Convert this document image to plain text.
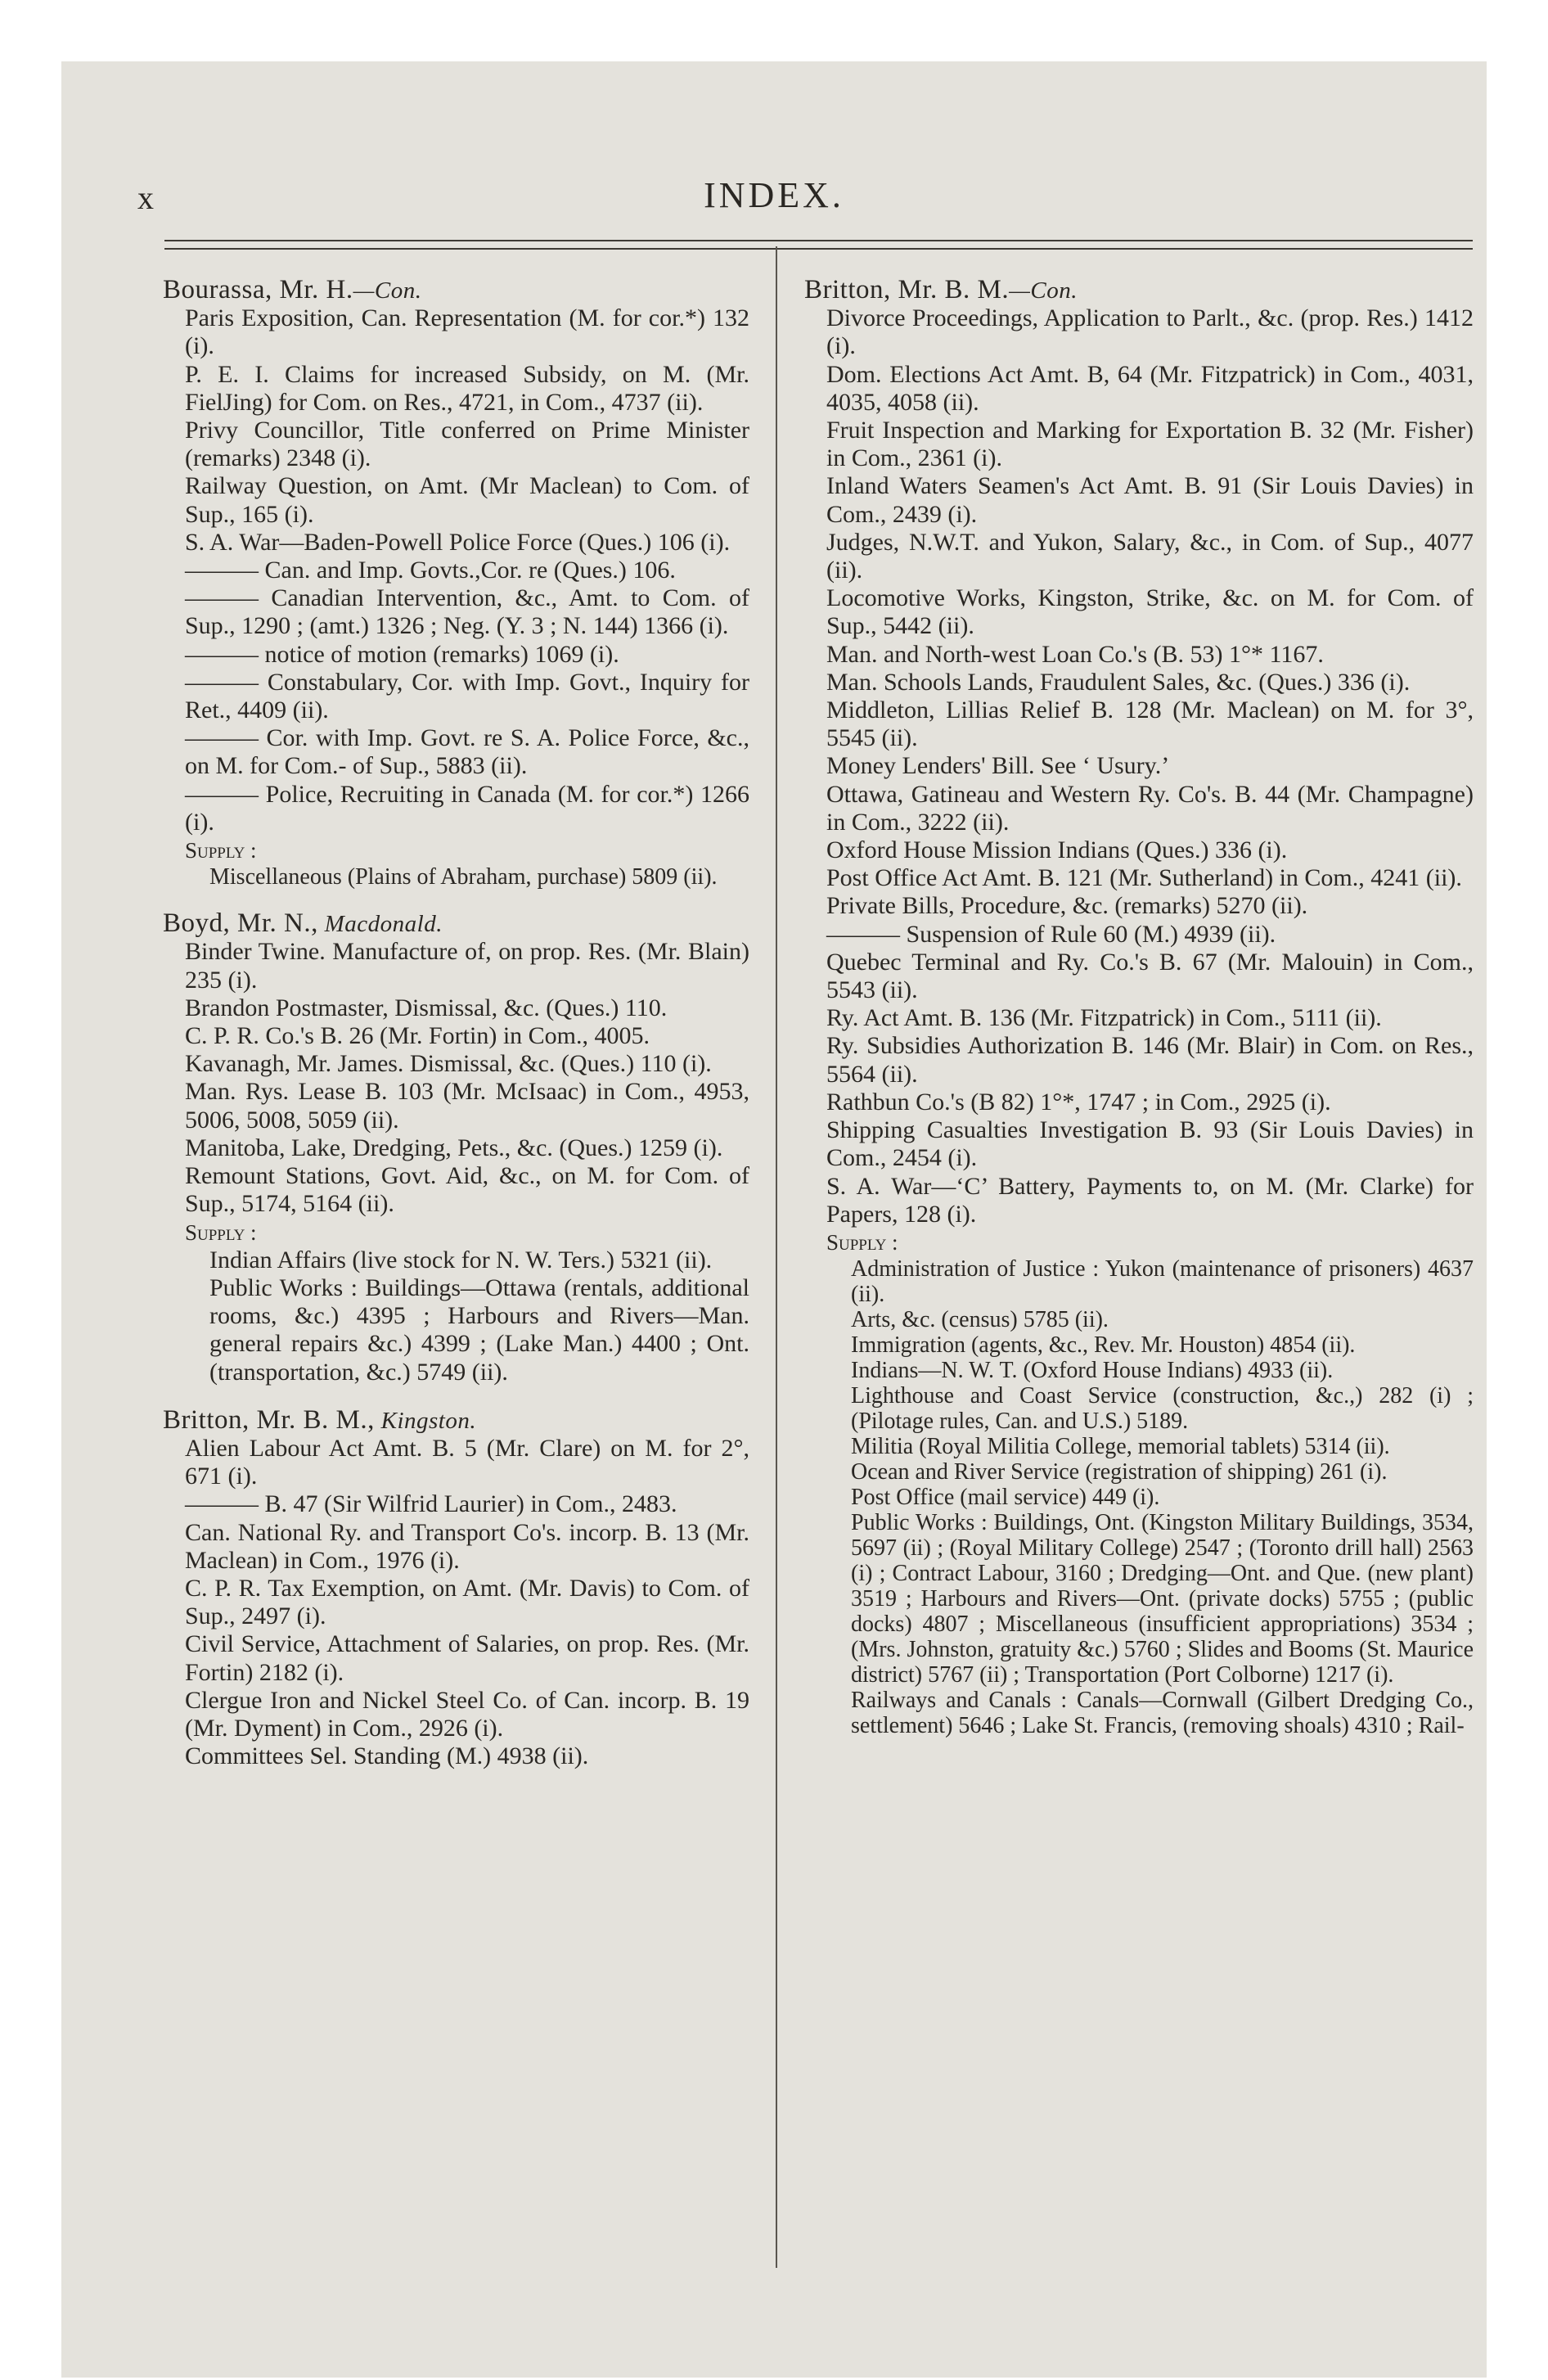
x	INDEX.
Bourassa, Mr. H.—Con.
Paris Exposition, Can. Representation (M. for cor.*) 132 (i).
P. E. I. Claims for increased Subsidy, on M. (Mr. FielJing) for Com. on Res., 4721, in Com., 4737 (ii).
Privy Councillor, Title conferred on Prime Minister (remarks) 2348 (i).
Railway Question, on Amt. (Mr Maclean) to Com. of Sup., 165 (i).
S. A. War—Baden-Powell Police Force (Ques.) 106 (i).
——— Can. and Imp. Govts.,Cor. re (Ques.) 106.
——— Canadian Intervention, &c., Amt. to Com. of Sup., 1290 ; (amt.) 1326 ; Neg. (Y. 3 ; N. 144) 1366 (i).
——— notice of motion (remarks) 1069 (i).
——— Constabulary, Cor. with Imp. Govt., Inquiry for Ret., 4409 (ii).
——— Cor. with Imp. Govt. re S. A. Police Force, &c., on M. for Com.- of Sup., 5883 (ii).
——— Police, Recruiting in Canada (M. for cor.*) 1266 (i).
Supply :
Miscellaneous (Plains of Abraham, purchase) 5809 (ii).
Boyd, Mr. N., Macdonald.
Binder Twine. Manufacture of, on prop. Res. (Mr. Blain) 235 (i).
Brandon Postmaster, Dismissal, &c. (Ques.) 110.
C. P. R. Co.'s B. 26 (Mr. Fortin) in Com., 4005.
Kavanagh, Mr. James. Dismissal, &c. (Ques.) 110 (i).
Man. Rys. Lease B. 103 (Mr. McIsaac) in Com., 4953, 5006, 5008, 5059 (ii).
Manitoba, Lake, Dredging, Pets., &c. (Ques.) 1259 (i).
Remount Stations, Govt. Aid, &c., on M. for Com. of Sup., 5174, 5164 (ii).
Supply :
Indian Affairs (live stock for N. W. Ters.) 5321 (ii).
Public Works : Buildings—Ottawa (rentals, additional rooms, &c.) 4395 ; Harbours and Rivers—Man. general repairs &c.) 4399 ; (Lake Man.) 4400 ; Ont. (transportation, &c.) 5749 (ii).
Britton, Mr. B. M., Kingston.
Alien Labour Act Amt. B. 5 (Mr. Clare) on M. for 2°, 671 (i).
——— B. 47 (Sir Wilfrid Laurier) in Com., 2483.
Can. National Ry. and Transport Co's. incorp. B. 13 (Mr. Maclean) in Com., 1976 (i).
C. P. R. Tax Exemption, on Amt. (Mr. Davis) to Com. of Sup., 2497 (i).
Civil Service, Attachment of Salaries, on prop. Res. (Mr. Fortin) 2182 (i).
Clergue Iron and Nickel Steel Co. of Can. incorp. B. 19 (Mr. Dyment) in Com., 2926 (i).
Committees Sel. Standing (M.) 4938 (ii).
Britton, Mr. B. M.—Con.
Divorce Proceedings, Application to Parlt., &c. (prop. Res.) 1412 (i).
Dom. Elections Act Amt. B, 64 (Mr. Fitzpatrick) in Com., 4031, 4035, 4058 (ii).
Fruit Inspection and Marking for Exportation B. 32 (Mr. Fisher) in Com., 2361 (i).
Inland Waters Seamen's Act Amt. B. 91 (Sir Louis Davies) in Com., 2439 (i).
Judges, N.W.T. and Yukon, Salary, &c., in Com. of Sup., 4077 (ii).
Locomotive Works, Kingston, Strike, &c. on M. for Com. of Sup., 5442 (ii).
Man. and North-west Loan Co.'s (B. 53) 1°* 1167.
Man. Schools Lands, Fraudulent Sales, &c. (Ques.) 336 (i).
Middleton, Lillias Relief B. 128 (Mr. Maclean) on M. for 3°, 5545 (ii).
Money Lenders' Bill. See ‘ Usury.’
Ottawa, Gatineau and Western Ry. Co's. B. 44 (Mr. Champagne) in Com., 3222 (ii).
Oxford House Mission Indians (Ques.) 336 (i).
Post Office Act Amt. B. 121 (Mr. Sutherland) in Com., 4241 (ii).
Private Bills, Procedure, &c. (remarks) 5270 (ii).
——— Suspension of Rule 60 (M.) 4939 (ii).
Quebec Terminal and Ry. Co.'s B. 67 (Mr. Malouin) in Com., 5543 (ii).
Ry. Act Amt. B. 136 (Mr. Fitzpatrick) in Com., 5111 (ii).
Ry. Subsidies Authorization B. 146 (Mr. Blair) in Com. on Res., 5564 (ii).
Rathbun Co.'s (B 82) 1°*, 1747 ; in Com., 2925 (i).
Shipping Casualties Investigation B. 93 (Sir Louis Davies) in Com., 2454 (i).
S. A. War—‘C’ Battery, Payments to, on M. (Mr. Clarke) for Papers, 128 (i).
Supply :
Administration of Justice : Yukon (maintenance of prisoners) 4637 (ii).
Arts, &c. (census) 5785 (ii).
Immigration (agents, &c., Rev. Mr. Houston) 4854 (ii).
Indians—N. W. T. (Oxford House Indians) 4933 (ii).
Lighthouse and Coast Service (construction, &c.,) 282 (i) ; (Pilotage rules, Can. and U.S.) 5189.
Militia (Royal Militia College, memorial tablets) 5314 (ii).
Ocean and River Service (registration of shipping) 261 (i).
Post Office (mail service) 449 (i).
Public Works : Buildings, Ont. (Kingston Military Buildings, 3534, 5697 (ii) ; (Royal Military College) 2547 ; (Toronto drill hall) 2563 (i) ; Contract Labour, 3160 ; Dredging—Ont. and Que. (new plant) 3519 ; Harbours and Rivers—Ont. (private docks) 5755 ; (public docks) 4807 ; Miscellaneous (insufficient appropriations) 3534 ; (Mrs. Johnston, gratuity &c.) 5760 ; Slides and Booms (St. Maurice district) 5767 (ii) ; Transportation (Port Colborne) 1217 (i).
Railways and Canals : Canals—Cornwall (Gilbert Dredging Co., settlement) 5646 ; Lake St. Francis, (removing shoals) 4310 ; Rail-
